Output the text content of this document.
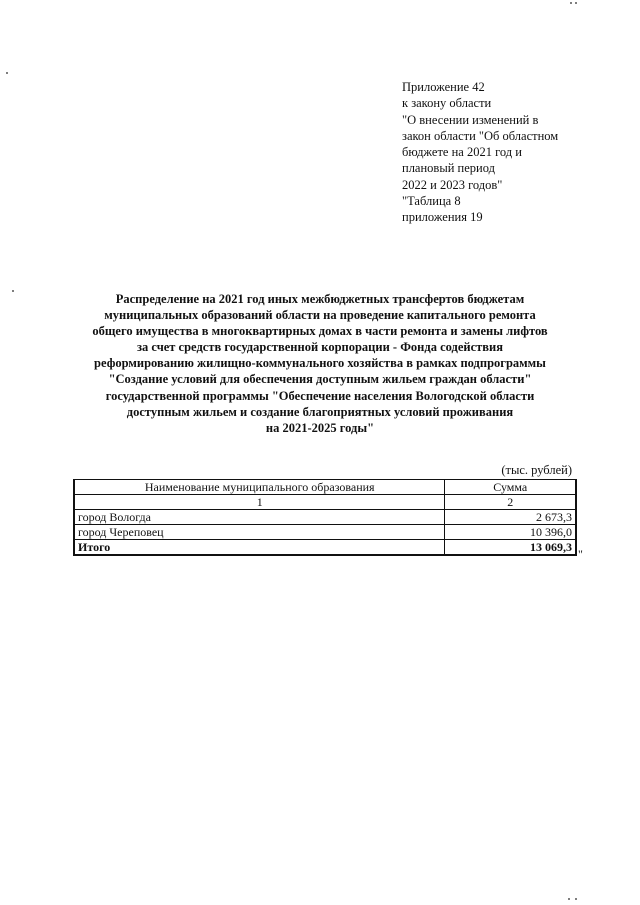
Приложение 42
к закону области
"О внесении изменений в
закон области "Об областном
бюджете на 2021 год и
плановый период
2022 и 2023 годов"
"Таблица 8
приложения 19
Распределение на 2021 год иных межбюджетных трансфертов бюджетам
муниципальных образований области на проведение капитального ремонта
общего имущества в многоквартирных домах в части ремонта и замены лифтов
за счет средств государственной корпорации - Фонда содействия
реформированию жилищно-коммунального хозяйства в рамках подпрограммы
"Создание условий для обеспечения доступным жильем граждан области"
государственной программы "Обеспечение населения Вологодской области
доступным жильем и создание благоприятных условий проживания
на 2021-2025 годы"
(тыс. рублей)
Наименование муниципального образования	Сумма
1	2
город Вологда	2 673,3
город Череповец	10 396,0
Итого	13 069,3 "
